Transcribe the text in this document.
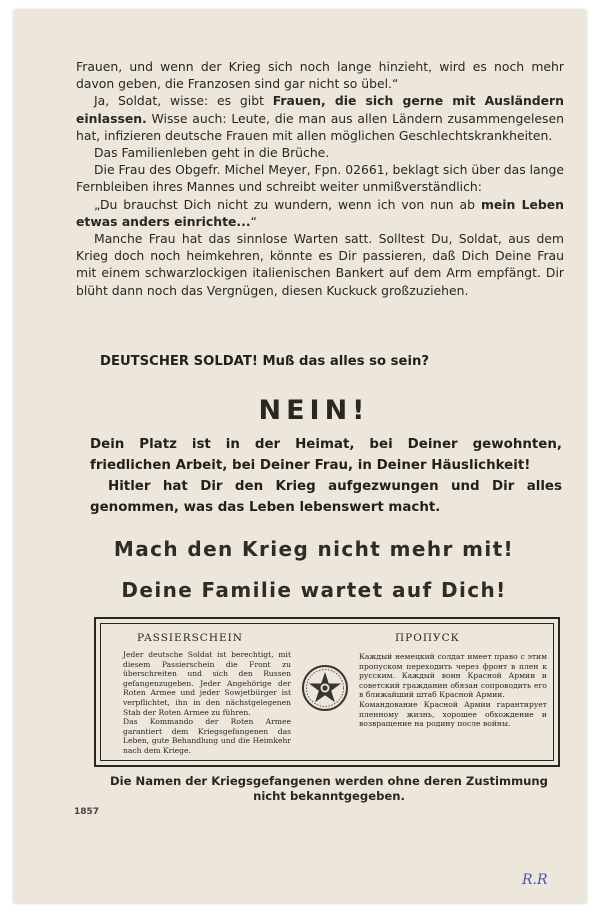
Frauen, und wenn der Krieg sich noch lange hinzieht, wird es noch mehr davon geben, die Franzosen sind gar nicht so übel.“

Ja, Soldat, wisse: es gibt Frauen, die sich gerne mit Ausländern einlassen. Wisse auch: Leute, die man aus allen Ländern zusammengelesen hat, infizieren deutsche Frauen mit allen möglichen Geschlechtskrankheiten.

Das Familienleben geht in die Brüche.

Die Frau des Obgefr. Michel Meyer, Fpn. 02661, beklagt sich über das lange Fernbleiben ihres Mannes und schreibt weiter unmißverständlich:

„Du brauchst Dich nicht zu wundern, wenn ich von nun ab mein Leben etwas anders einrichte...“

Manche Frau hat das sinnlose Warten satt. Solltest Du, Soldat, aus dem Krieg doch noch heimkehren, könnte es Dir passieren, daß Dich Deine Frau mit einem schwarzlockigen italienischen Bankert auf dem Arm empfängt. Dir blüht dann noch das Vergnügen, diesen Kuckuck großzuziehen.

DEUTSCHER SOLDAT! Muß das alles so sein?
NEIN!

Dein Platz ist in der Heimat, bei Deiner gewohnten, friedlichen Arbeit, bei Deiner Frau, in Deiner Häuslichkeit!

Hitler hat Dir den Krieg aufgezwungen und Dir alles genommen, was das Leben lebenswert macht.

Mach den Krieg nicht mehr mit!
Deine Familie wartet auf Dich!
PASSIERSCHEIN
Jeder deutsche Soldat ist berechtigt, mit diesem Passierschein die Front zu überschreiten und sich den Russen gefangenzugeben. Jeder Angehörige der Roten Armee und jeder Sowjetbürger ist verpflichtet, ihn in den nächstgelegenen Stab der Roten Armee zu führen.
Das Kommando der Roten Armee garantiert dem Kriegsgefangenen das Leben, gute Behandlung und die Heimkehr nach dem Kriege.
ПРОПУСК
Каждый немецкий солдат имеет право с этим пропуском переходить через фронт в плен к русским. Каждый воин Красной Армии и советский гражданин обязан сопроводить его в ближайший штаб Красной Армии.
Командование Красной Армии гарантирует пленному жизнь, хорошее обхождение и возвращение на родину после войны.

Die Namen der Kriegsgefangenen werden ohne deren Zustimmung

nicht bekanntgegeben.

1857
R.R
